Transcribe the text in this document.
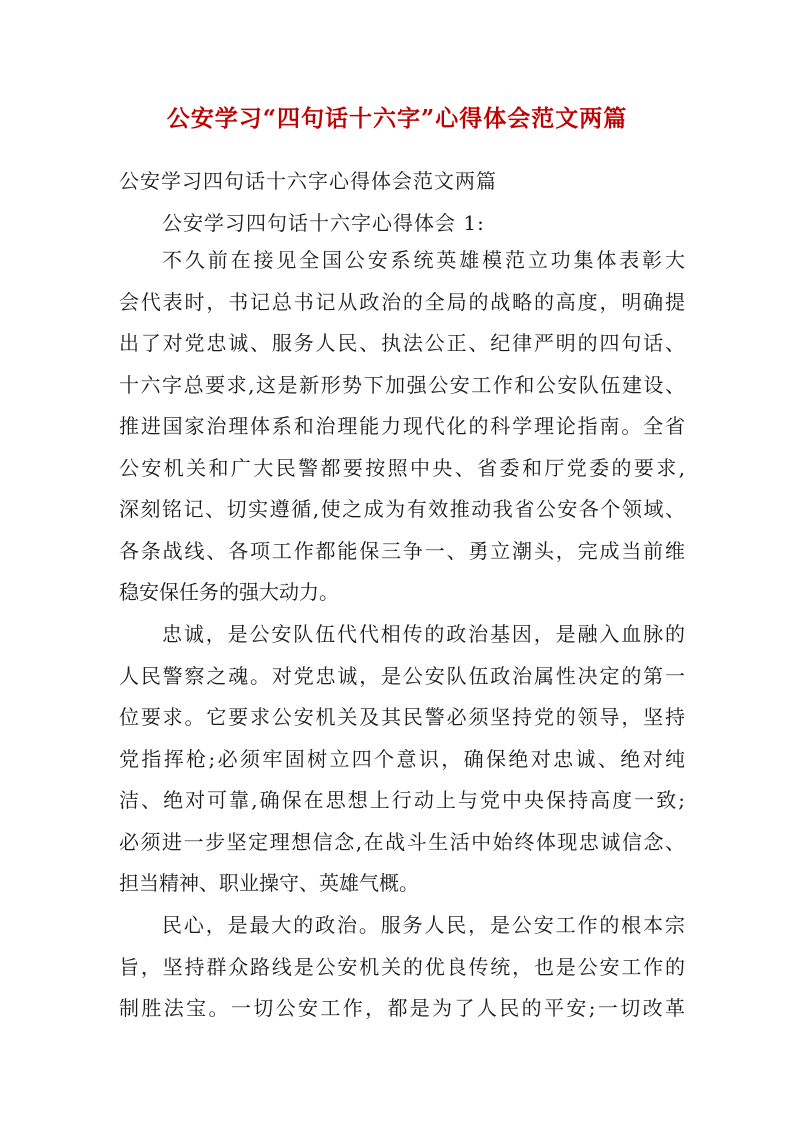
公安学习“四句话十六字”心得体会范文两篇
公安学习四句话十六字心得体会范文两篇
公安学习四句话十六字心得体会 1:
不久前在接见全国公安系统英雄模范立功集体表彰大
会代表时，书记总书记从政治的全局的战略的高度，明确提
出了对党忠诚、服务人民、执法公正、纪律严明的四句话、
十六字总要求,这是新形势下加强公安工作和公安队伍建设、
推进国家治理体系和治理能力现代化的科学理论指南。全省
公安机关和广大民警都要按照中央、省委和厅党委的要求,
深刻铭记、切实遵循,使之成为有效推动我省公安各个领域、
各条战线、各项工作都能保三争一、勇立潮头，完成当前维
稳安保任务的强大动力。
忠诚，是公安队伍代代相传的政治基因，是融入血脉的
人民警察之魂。对党忠诚，是公安队伍政治属性决定的第一
位要求。它要求公安机关及其民警必须坚持党的领导，坚持
党指挥枪;必须牢固树立四个意识，确保绝对忠诚、绝对纯
洁、绝对可靠,确保在思想上行动上与党中央保持高度一致;
必须进一步坚定理想信念,在战斗生活中始终体现忠诚信念、
担当精神、职业操守、英雄气概。
民心，是最大的政治。服务人民，是公安工作的根本宗
旨，坚持群众路线是公安机关的优良传统，也是公安工作的
制胜法宝。一切公安工作，都是为了人民的平安;一切改革
